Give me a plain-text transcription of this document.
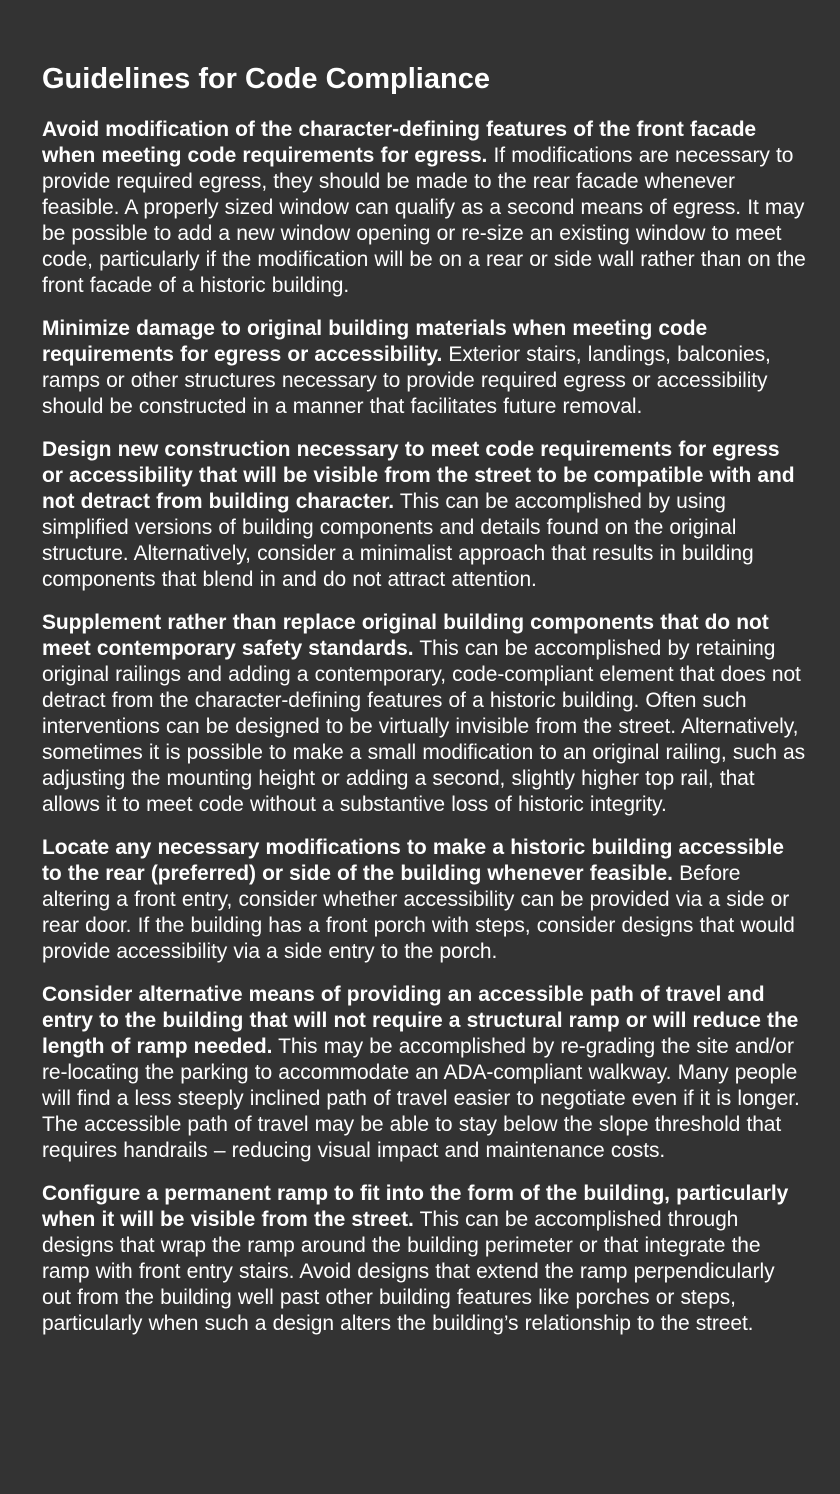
Guidelines for Code Compliance

Avoid modification of the character-defining features of the front facade when meeting code requirements for egress. If modifications are necessary to provide required egress, they should be made to the rear facade whenever feasible. A properly sized window can qualify as a second means of egress. It may be possible to add a new window opening or re-size an existing window to meet code, particularly if the modification will be on a rear or side wall rather than on the front facade of a historic building.

Minimize damage to original building materials when meeting code requirements for egress or accessibility. Exterior stairs, landings, balconies, ramps or other structures necessary to provide required egress or accessibility should be constructed in a manner that facilitates future removal.

Design new construction necessary to meet code requirements for egress or accessibility that will be visible from the street to be compatible with and not detract from building character. This can be accomplished by using simplified versions of building components and details found on the original structure. Alternatively, consider a minimalist approach that results in building components that blend in and do not attract attention.

Supplement rather than replace original building components that do not meet contemporary safety standards. This can be accomplished by retaining original railings and adding a contemporary, code-compliant element that does not detract from the character-defining features of a historic building. Often such interventions can be designed to be virtually invisible from the street. Alternatively, sometimes it is possible to make a small modification to an original railing, such as adjusting the mounting height or adding a second, slightly higher top rail, that allows it to meet code without a substantive loss of historic integrity.

Locate any necessary modifications to make a historic building accessible to the rear (preferred) or side of the building whenever feasible. Before altering a front entry, consider whether accessibility can be provided via a side or rear door. If the building has a front porch with steps, consider designs that would provide accessibility via a side entry to the porch.

Consider alternative means of providing an accessible path of travel and entry to the building that will not require a structural ramp or will reduce the length of ramp needed. This may be accomplished by re-grading the site and/or re-locating the parking to accommodate an ADA-compliant walkway. Many people will find a less steeply inclined path of travel easier to negotiate even if it is longer. The accessible path of travel may be able to stay below the slope threshold that requires handrails – reducing visual impact and maintenance costs.

Configure a permanent ramp to fit into the form of the building, particularly when it will be visible from the street. This can be accomplished through designs that wrap the ramp around the building perimeter or that integrate the ramp with front entry stairs. Avoid designs that extend the ramp perpendicularly out from the building well past other building features like porches or steps, particularly when such a design alters the building’s relationship to the street.
